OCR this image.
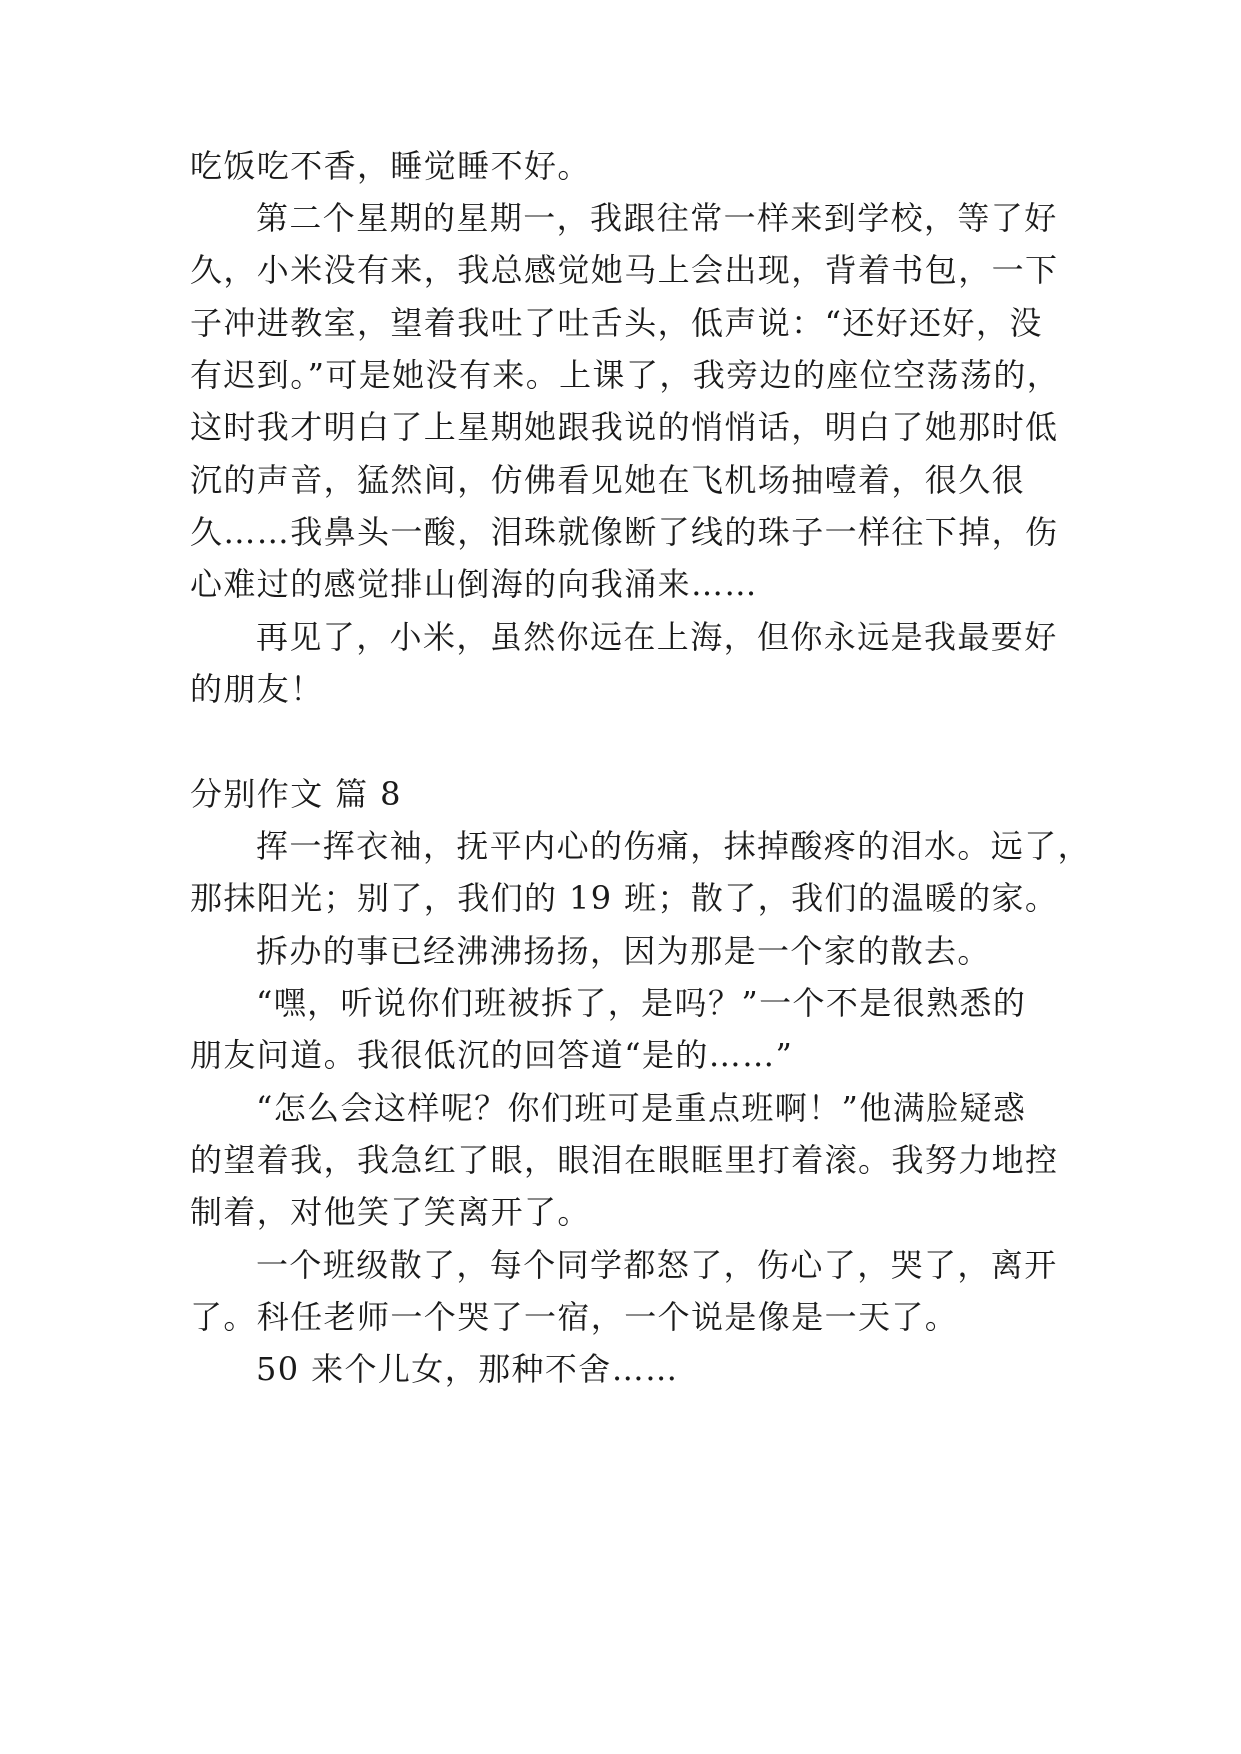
吃饭吃不香，睡觉睡不好。
第二个星期的星期一，我跟往常一样来到学校，等了好
久，小米没有来，我总感觉她马上会出现，背着书包，一下
子冲进教室，望着我吐了吐舌头，低声说：“还好还好，没
有迟到。”可是她没有来。上课了，我旁边的座位空荡荡的，
这时我才明白了上星期她跟我说的悄悄话，明白了她那时低
沉的声音，猛然间，仿佛看见她在飞机场抽噎着，很久很
久……我鼻头一酸，泪珠就像断了线的珠子一样往下掉，伤
心难过的感觉排山倒海的向我涌来……
再见了，小米，虽然你远在上海，但你永远是我最要好
的朋友！
分别作文 篇 8
挥一挥衣袖，抚平内心的伤痛，抹掉酸疼的泪水。远了，
那抹阳光；别了，我们的 19 班；散了，我们的温暖的家。
拆办的事已经沸沸扬扬，因为那是一个家的散去。
“嘿，听说你们班被拆了，是吗？”一个不是很熟悉的
朋友问道。我很低沉的回答道“是的……”
“怎么会这样呢？你们班可是重点班啊！”他满脸疑惑
的望着我，我急红了眼，眼泪在眼眶里打着滚。我努力地控
制着，对他笑了笑离开了。
一个班级散了，每个同学都怒了，伤心了，哭了，离开
了。科任老师一个哭了一宿，一个说是像是一天了。
50 来个儿女，那种不舍……
